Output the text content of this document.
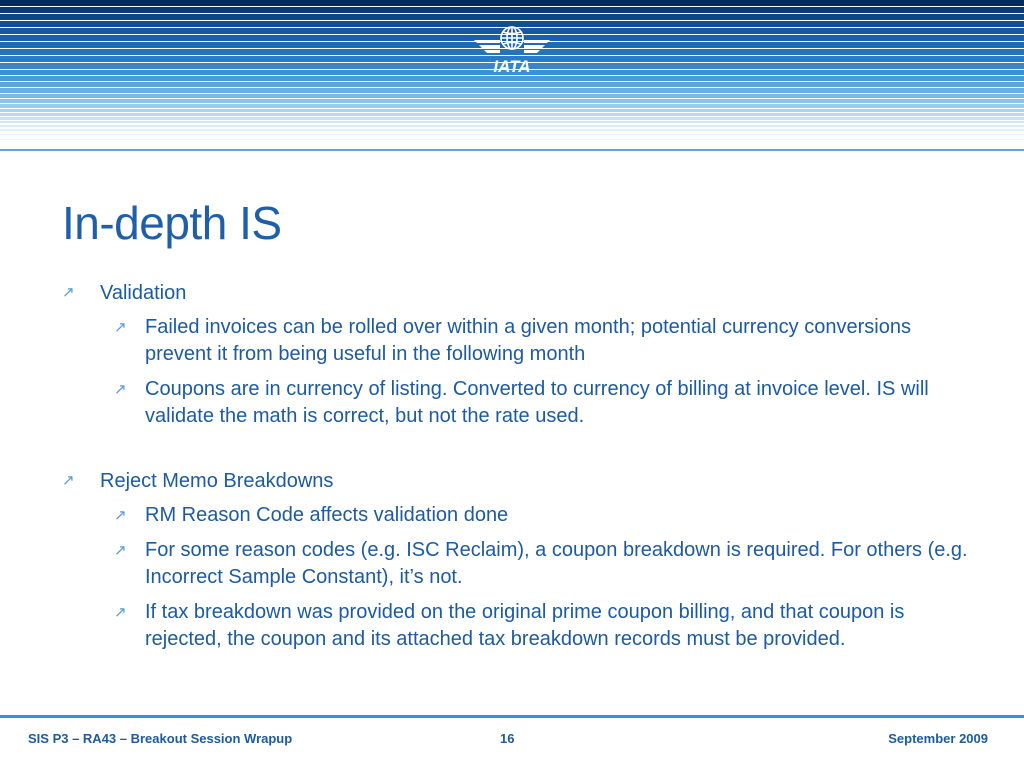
IATA
In-depth IS
↗ Validation
↗ Failed invoices can be rolled over within a given month; potential currency conversions prevent it from being useful in the following month
↗ Coupons are in currency of listing. Converted to currency of billing at invoice level. IS will validate the math is correct, but not the rate used.
↗ Reject Memo Breakdowns
↗ RM Reason Code affects validation done
↗ For some reason codes (e.g. ISC Reclaim), a coupon breakdown is required. For others (e.g. Incorrect Sample Constant), it’s not.
↗ If tax breakdown was provided on the original prime coupon billing, and that coupon is rejected, the coupon and its attached tax breakdown records must be provided.
SIS P3 – RA43 – Breakout Session Wrapup	16	September 2009
